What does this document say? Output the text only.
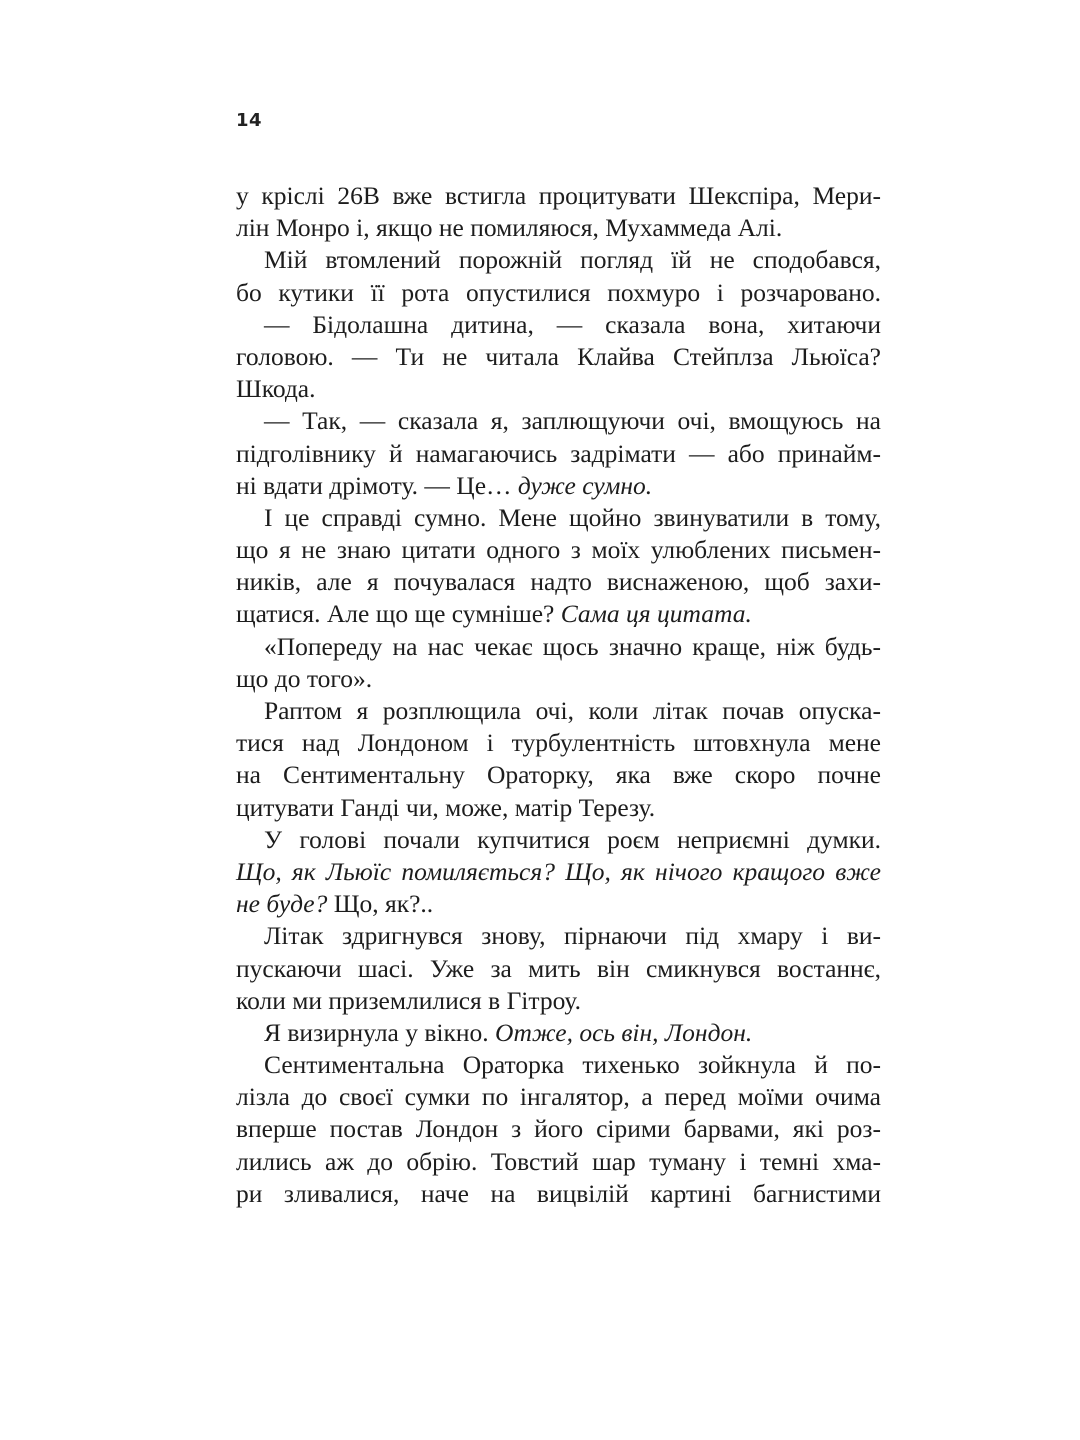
14
у кріслі 26В вже встигла процитувати Шекспіра, Мери-
лін Монро і, якщо не помиляюся, Мухаммеда Алі.
Мій втомлений порожній погляд їй не сподобався,
бо кутики її рота опустилися похмуро і розчаровано.
— Бідолашна дитина, — сказала вона, хитаючи
головою. — Ти не читала Клайва Стейплза Льюїса?
Шкода.
— Так, — сказала я, заплющуючи очі, вмощуюсь на
підголівнику й намагаючись задрімати — або принайм-
ні вдати дрімоту. — Це… дуже сумно.
І це справді сумно. Мене щойно звинуватили в тому,
що я не знаю цитати одного з моїх улюблених письмен-
ників, але я почувалася надто виснаженою, щоб захи-
щатися. Але що ще сумніше? Сама ця цитата.
«Попереду на нас чекає щось значно краще, ніж будь-
що до того».
Раптом я розплющила очі, коли літак почав опуска-
тися над Лондоном і турбулентність штовхнула мене
на Сентиментальну Ораторку, яка вже скоро почне
цитувати Ганді чи, може, матір Терезу.
У голові почали купчитися роєм неприємні думки.
Що, як Льюїс помиляється? Що, як нічого кращого вже
не буде? Що, як?..
Літак здригнувся знову, пірнаючи під хмару і ви-
пускаючи шасі. Уже за мить він смикнувся востаннє,
коли ми приземлилися в Гітроу.
Я визирнула у вікно. Отже, ось він, Лондон.
Сентиментальна Ораторка тихенько зойкнула й по-
лізла до своєї сумки по інгалятор, а перед моїми очима
вперше постав Лондон з його сірими барвами, які роз-
лились аж до обрію. Товстий шар туману і темні хма-
ри зливалися, наче на вицвілій картині багнистими
